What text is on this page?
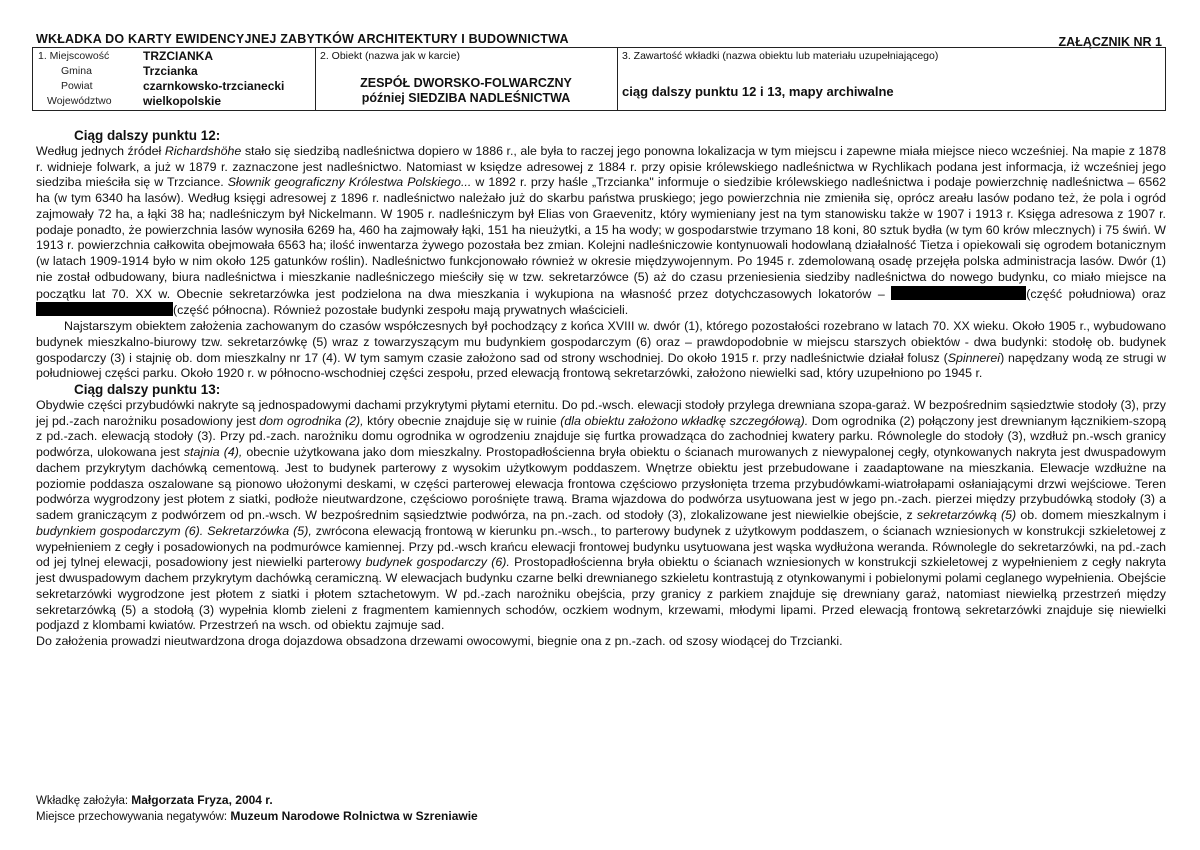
WKŁADKA DO KARTY EWIDENCYJNEJ ZABYTKÓW ARCHITEKTURY I BUDOWNICTWA	ZAŁĄCZNIK NR 1
1. Miejscowość	TRZCIANKA
Gmina	Trzcianka
Powiat	czarnkowsko-trzcianecki
Województwo	wielkopolskie
2. Obiekt (nazwa jak w karcie)
ZESPÓŁ DWORSKO-FOLWARCZNY
później SIEDZIBA NADLEŚNICTWA
3. Zawartość wkładki (nazwa obiektu lub materiału uzupełniającego)
ciąg dalszy punktu 12 i 13, mapy archiwalne

Ciąg dalszy punktu 12:

Według jednych źródeł Richardshöhe stało się siedzibą nadleśnictwa dopiero w 1886 r., ale była to raczej jego ponowna lokalizacja w tym miejscu i zapewne miała miejsce nieco wcześniej. Na mapie z 1878 r. widnieje folwark, a już w 1879 r. zaznaczone jest nadleśnictwo. Natomiast w księdze adresowej z 1884 r. przy opisie królewskiego nadleśnictwa w Rychlikach podana jest informacja, iż wcześniej jego siedziba mieściła się w Trzciance. Słownik geograficzny Królestwa Polskiego... w 1892 r. przy haśle „Trzcianka" informuje o siedzibie królewskiego nadleśnictwa i podaje powierzchnię nadleśnictwa – 6562 ha (w tym 6340 ha lasów). Według księgi adresowej z 1896 r. nadleśnictwo należało już do skarbu państwa pruskiego; jego powierzchnia nie zmieniła się, oprócz areału lasów podano też, że pola i ogród zajmowały 72 ha, a łąki 38 ha; nadleśniczym był Nickelmann. W 1905 r. nadleśniczym był Elias von Graevenitz, który wymieniany jest na tym stanowisku także w 1907 i 1913 r. Księga adresowa z 1907 r. podaje ponadto, że powierzchnia lasów wynosiła 6269 ha, 460 ha zajmowały łąki, 151 ha nieużytki, a 15 ha wody; w gospodarstwie trzymano 18 koni, 80 sztuk bydła (w tym 60 krów mlecznych) i 75 świń. W 1913 r. powierzchnia całkowita obejmowała 6563 ha; ilość inwentarza żywego pozostała bez zmian. Kolejni nadleśniczowie kontynuowali hodowlaną działalność Tietza i opiekowali się ogrodem botanicznym (w latach 1909-1914 było w nim około 125 gatunków roślin). Nadleśnictwo funkcjonowało również w okresie międzywojennym. Po 1945 r. zdemolowaną osadę przejęła polska administracja lasów. Dwór (1) nie został odbudowany, biura nadleśnictwa i mieszkanie nadleśniczego mieściły się w tzw. sekretarzówce (5) aż do czasu przeniesienia siedziby nadleśnictwa do nowego budynku, co miało miejsce na początku lat 70. XX w. Obecnie sekretarzówka jest podzielona na dwa mieszkania i wykupiona na własność przez dotychczasowych lokatorów –	(część południowa) oraz (część północna). Również pozostałe budynki zespołu mają prywatnych właścicieli.

Najstarszym obiektem założenia zachowanym do czasów współczesnych był pochodzący z końca XVIII w. dwór (1), którego pozostałości rozebrano w latach 70. XX wieku. Około 1905 r., wybudowano budynek mieszkalno-biurowy tzw. sekretarzówkę (5) wraz z towarzyszącym mu budynkiem gospodarczym (6) oraz – prawdopodobnie w miejscu starszych obiektów - dwa budynki: stodołę ob. budynek gospodarczy (3) i stajnię ob. dom mieszkalny nr 17 (4). W tym samym czasie założono sad od strony wschodniej. Do około 1915 r. przy nadleśnictwie działał folusz (Spinnerei) napędzany wodą ze strugi w południowej części parku. Około 1920 r. w północno-wschodniej części zespołu, przed elewacją frontową sekretarzówki, założono niewielki sad, który uzupełniono po 1945 r.

Ciąg dalszy punktu 13:

Obydwie części przybudówki nakryte są jednospadowymi dachami przykrytymi płytami eternitu. Do pd.-wsch. elewacji stodoły przylega drewniana szopa-garaż. W bezpośrednim sąsiedztwie stodoły (3), przy jej pd.-zach narożniku posadowiony jest dom ogrodnika (2), który obecnie znajduje się w ruinie (dla obiektu założono wkładkę szczegółową). Dom ogrodnika (2) połączony jest drewnianym łącznikiem-szopą z pd.-zach. elewacją stodoły (3). Przy pd.-zach. narożniku domu ogrodnika w ogrodzeniu znajduje się furtka prowadząca do zachodniej kwatery parku. Równolegle do stodoły (3), wzdłuż pn.-wsch granicy podwórza, ulokowana jest stajnia (4), obecnie użytkowana jako dom mieszkalny. Prostopadłościenna bryła obiektu o ścianach murowanych z niewypalonej cegły, otynkowanych nakryta jest dwuspadowym dachem przykrytym dachówką cementową. Jest to budynek parterowy z wysokim użytkowym poddaszem. Wnętrze obiektu jest przebudowane i zaadaptowane na mieszkania. Elewacje wzdłużne na poziomie poddasza oszalowane są pionowo ułożonymi deskami, w części parterowej elewacja frontowa częściowo przysłonięta trzema przybudówkami-wiatrołapami osłaniającymi drzwi wejściowe. Teren podwórza wygrodzony jest płotem z siatki, podłoże nieutwardzone, częściowo porośnięte trawą. Brama wjazdowa do podwórza usytuowana jest w jego pn.-zach. pierzei między przybudówką stodoły (3) a sadem graniczącym z podwórzem od pn.-wsch. W bezpośrednim sąsiedztwie podwórza, na pn.-zach. od stodoły (3), zlokalizowane jest niewielkie obejście, z sekretarzówką (5) ob. domem mieszkalnym i budynkiem gospodarczym (6). Sekretarzówka (5), zwrócona elewacją frontową w kierunku pn.-wsch., to parterowy budynek z użytkowym poddaszem, o ścianach wzniesionych w konstrukcji szkieletowej z wypełnieniem z cegły i posadowionych na podmurówce kamiennej. Przy pd.-wsch krańcu elewacji frontowej budynku usytuowana jest wąska wydłużona weranda. Równolegle do sekretarzówki, na pd.-zach od jej tylnej elewacji, posadowiony jest niewielki parterowy budynek gospodarczy (6). Prostopadłościenna bryła obiektu o ścianach wzniesionych w konstrukcji szkieletowej z wypełnieniem z cegły nakryta jest dwuspadowym dachem przykrytym dachówką ceramiczną. W elewacjach budynku czarne belki drewnianego szkieletu kontrastują z otynkowanymi i pobielonymi polami ceglanego wypełnienia. Obejście sekretarzówki wygrodzone jest płotem z siatki i płotem sztachetowym. W pd.-zach narożniku obejścia, przy granicy z parkiem znajduje się drewniany garaż, natomiast niewielką przestrzeń między sekretarzówką (5) a stodołą (3) wypełnia klomb zieleni z fragmentem kamiennych schodów, oczkiem wodnym, krzewami, młodymi lipami. Przed elewacją frontową sekretarzówki znajduje się niewielki podjazd z klombami kwiatów. Przestrzeń na wsch. od obiektu zajmuje sad.

Do założenia prowadzi nieutwardzona droga dojazdowa obsadzona drzewami owocowymi, biegnie ona z pn.-zach. od szosy wiodącej do Trzcianki.

Wkładkę założyła: Małgorzata Fryza, 2004 r.
Miejsce przechowywania negatywów: Muzeum Narodowe Rolnictwa w Szreniawie
